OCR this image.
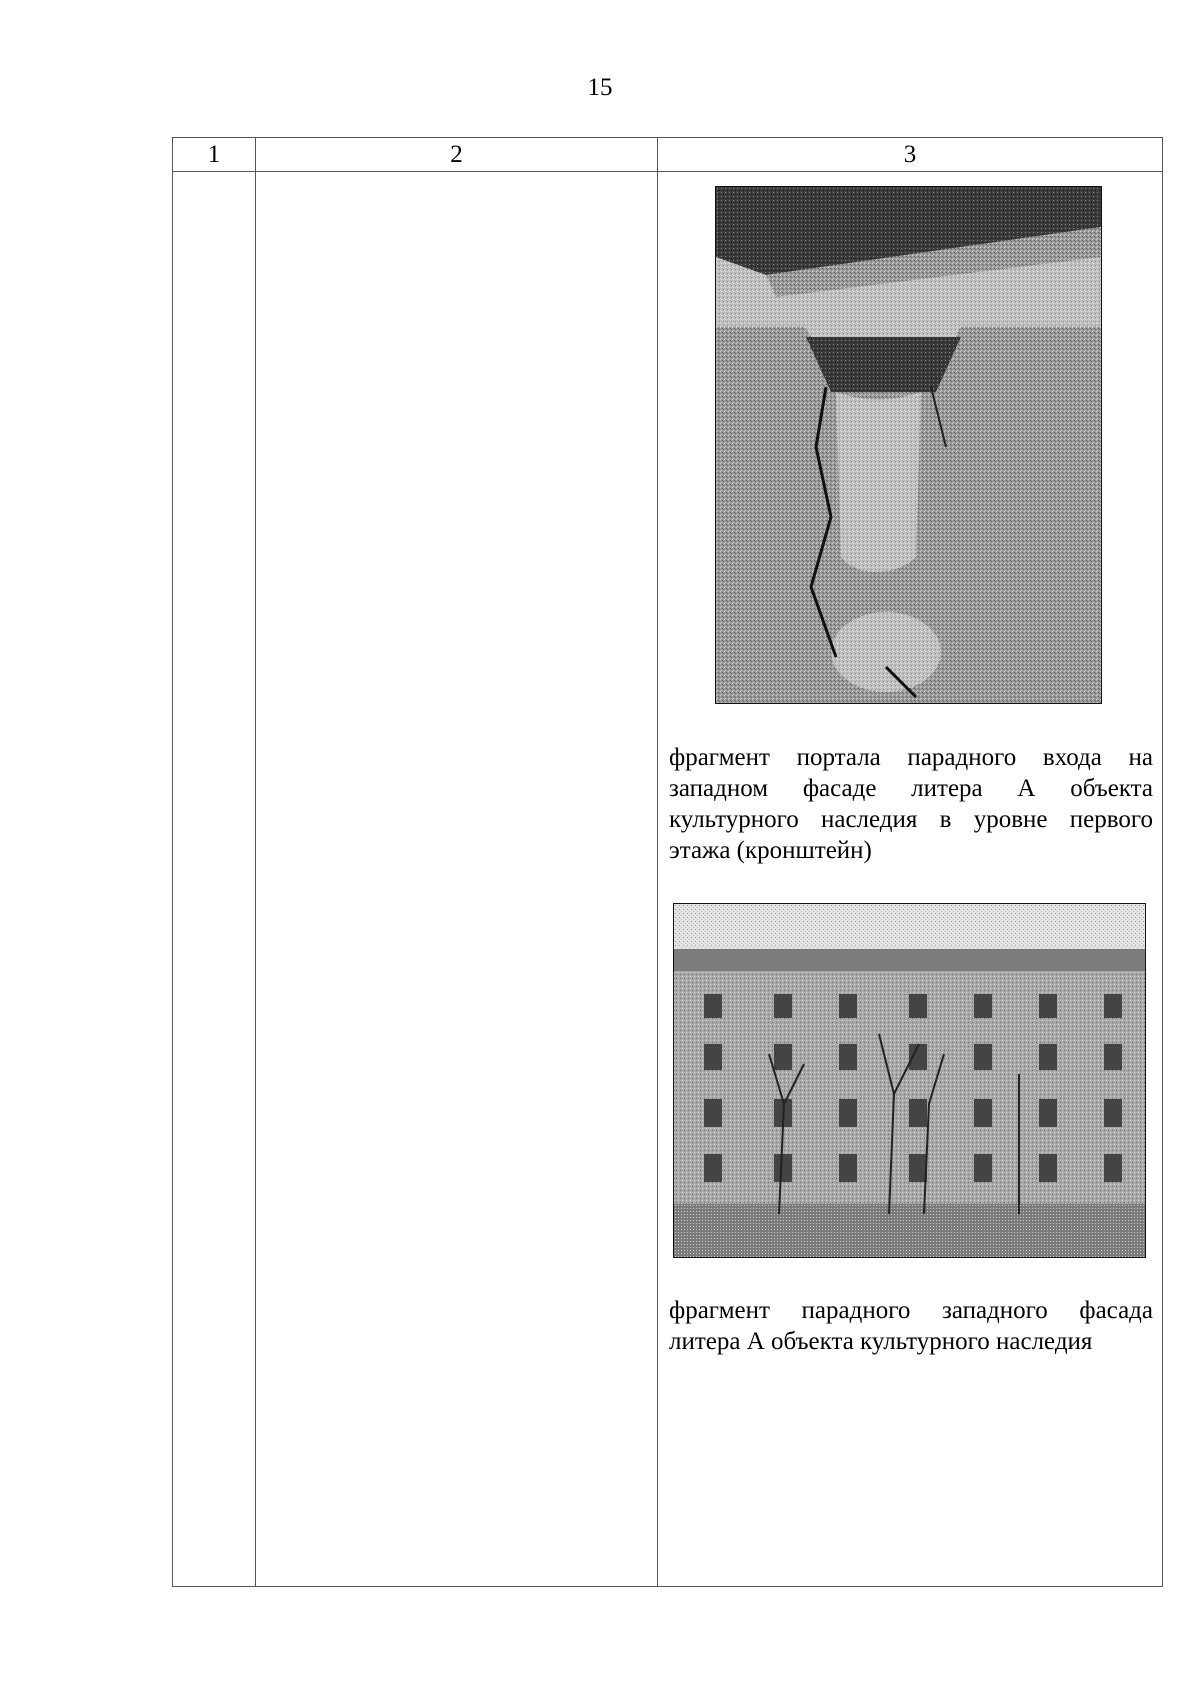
15
1	2	3

		фрагмент портала парадного входа на западном фасаде литера А объекта культурного наследия в уровне первого этажа (кронштейн)
фрагмент парадного западного фасада литера А объекта культурного наследия
